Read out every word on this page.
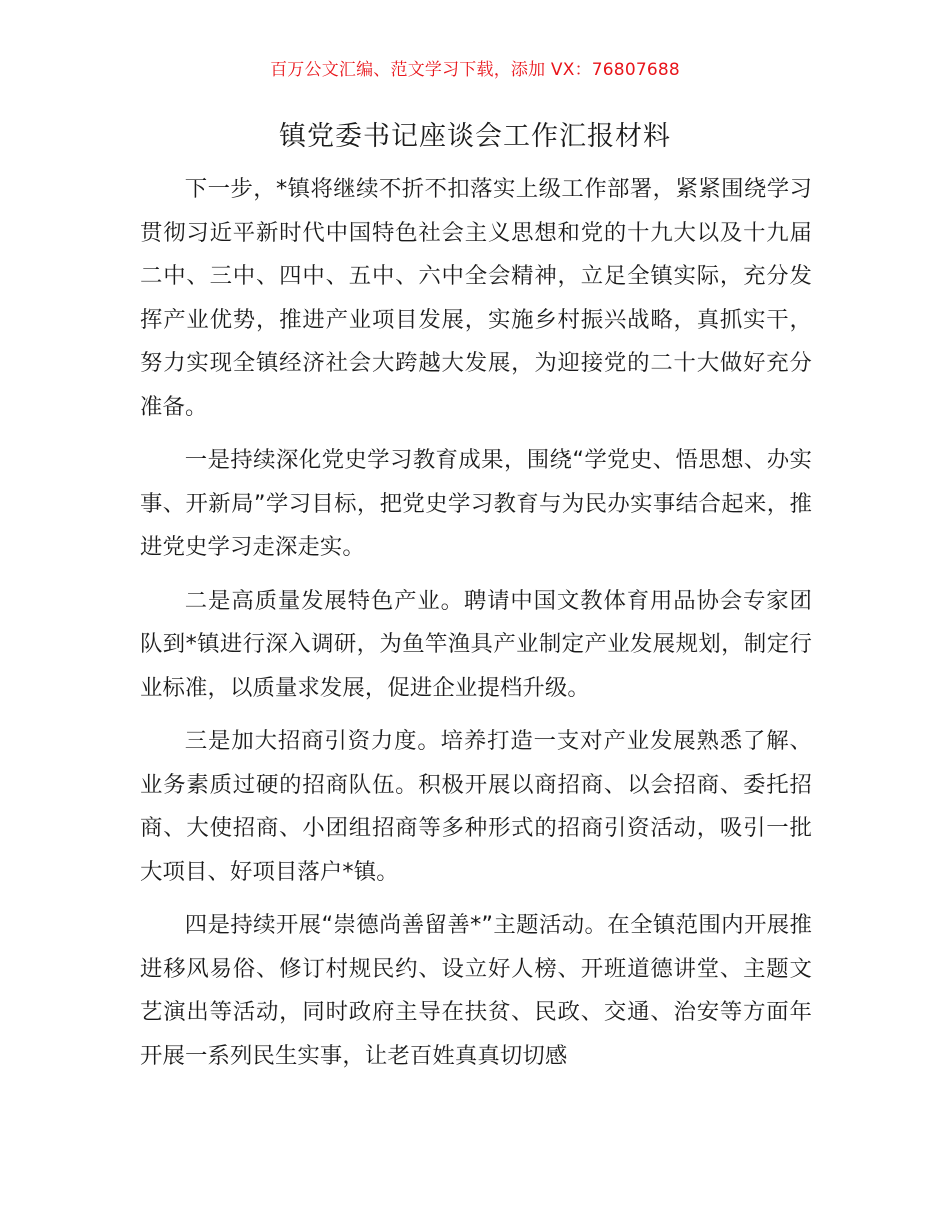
百万公文汇编、范文学习下载，添加 VX：76807688
镇党委书记座谈会工作汇报材料

下一步，*镇将继续不折不扣落实上级工作部署，紧紧围绕学习贯彻习近平新时代中国特色社会主义思想和党的十九大以及十九届二中、三中、四中、五中、六中全会精神，立足全镇实际，充分发挥产业优势，推进产业项目发展，实施乡村振兴战略，真抓实干，努力实现全镇经济社会大跨越大发展，为迎接党的二十大做好充分准备。

一是持续深化党史学习教育成果，围绕“学党史、悟思想、办实事、开新局”学习目标，把党史学习教育与为民办实事结合起来，推进党史学习走深走实。

二是高质量发展特色产业。聘请中国文教体育用品协会专家团队到*镇进行深入调研，为鱼竿渔具产业制定产业发展规划，制定行业标准，以质量求发展，促进企业提档升级。

三是加大招商引资力度。培养打造一支对产业发展熟悉了解、业务素质过硬的招商队伍。积极开展以商招商、以会招商、委托招商、大使招商、小团组招商等多种形式的招商引资活动，吸引一批大项目、好项目落户*镇。

四是持续开展“崇德尚善留善*”主题活动。在全镇范围内开展推进移风易俗、修订村规民约、设立好人榜、开班道德讲堂、主题文艺演出等活动，同时政府主导在扶贫、民政、交通、治安等方面年开展一系列民生实事，让老百姓真真切切感
